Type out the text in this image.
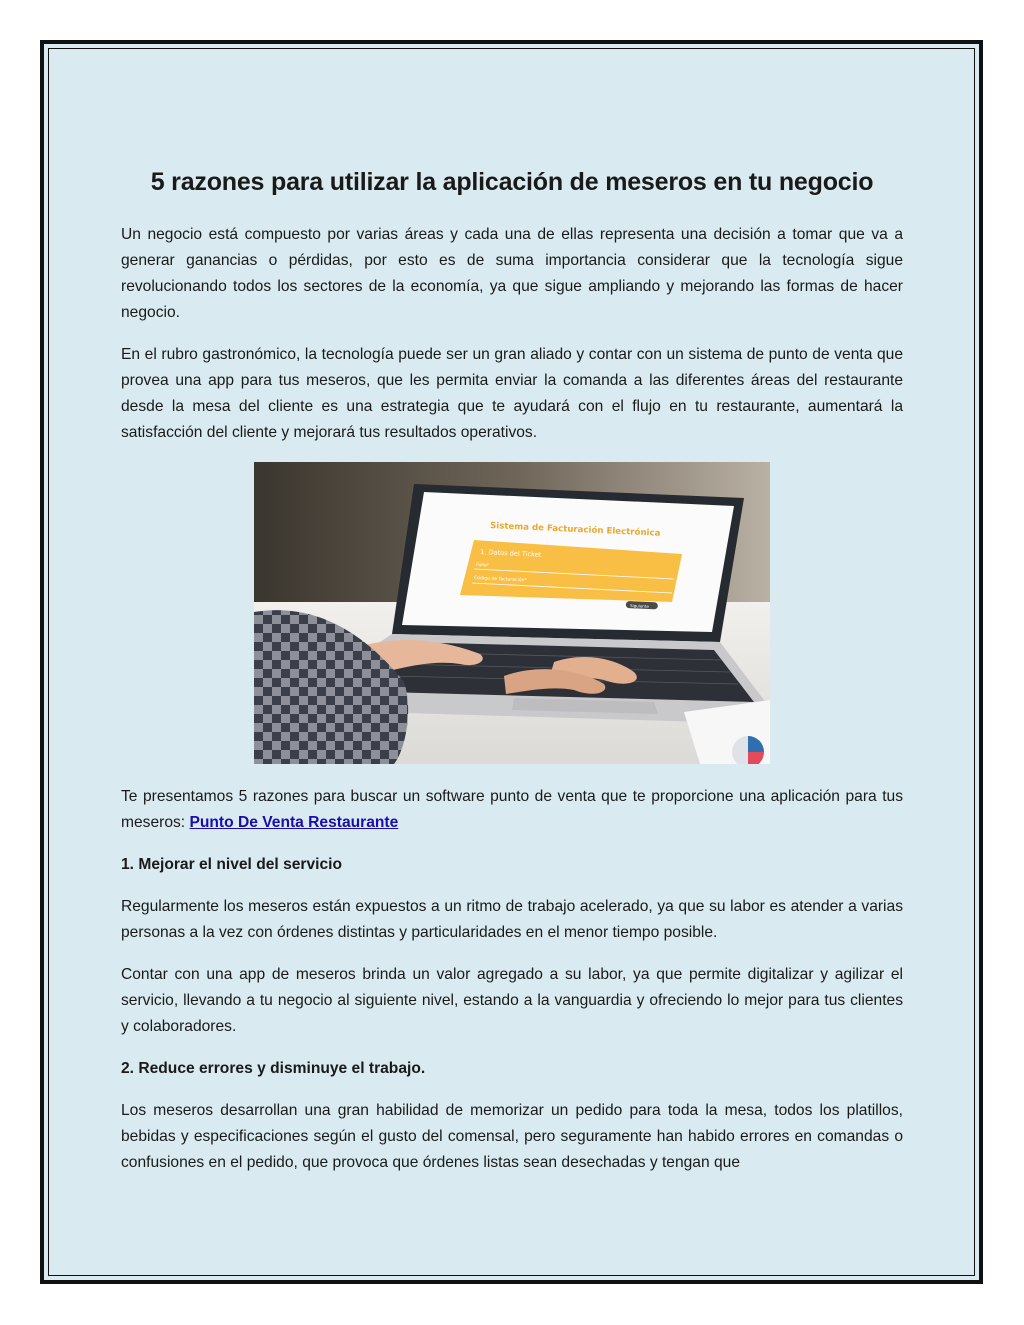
5 razones para utilizar la aplicación de meseros en tu negocio

Un negocio está compuesto por varias áreas y cada una de ellas representa una decisión a tomar que va a generar ganancias o pérdidas, por esto es de suma importancia considerar que la tecnología sigue revolucionando todos los sectores de la economía, ya que sigue ampliando y mejorando las formas de hacer negocio.

En el rubro gastronómico, la tecnología puede ser un gran aliado y contar con un sistema de punto de venta que provea una app para tus meseros, que les permita enviar la comanda a las diferentes áreas del restaurante desde la mesa del cliente es una estrategia que te ayudará con el flujo en tu restaurante, aumentará la satisfacción del cliente y mejorará tus resultados operativos.

Sistema de Facturación Electrónica
1. Datos del Ticket
Folio*
Código de facturación*
Siguiente

Te presentamos 5 razones para buscar un software punto de venta que te proporcione una aplicación para tus meseros: Punto De Venta Restaurante

1. Mejorar el nivel del servicio

Regularmente los meseros están expuestos a un ritmo de trabajo acelerado, ya que su labor es atender a varias personas a la vez con órdenes distintas y particularidades en el menor tiempo posible.

Contar con una app de meseros brinda un valor agregado a su labor, ya que permite digitalizar y agilizar el servicio, llevando a tu negocio al siguiente nivel, estando a la vanguardia y ofreciendo lo mejor para tus clientes y colaboradores.

2. Reduce errores y disminuye el trabajo.

Los meseros desarrollan una gran habilidad de memorizar un pedido para toda la mesa, todos los platillos, bebidas y especificaciones según el gusto del comensal, pero seguramente han habido errores en comandas o confusiones en el pedido, que provoca que órdenes listas sean desechadas y tengan que
